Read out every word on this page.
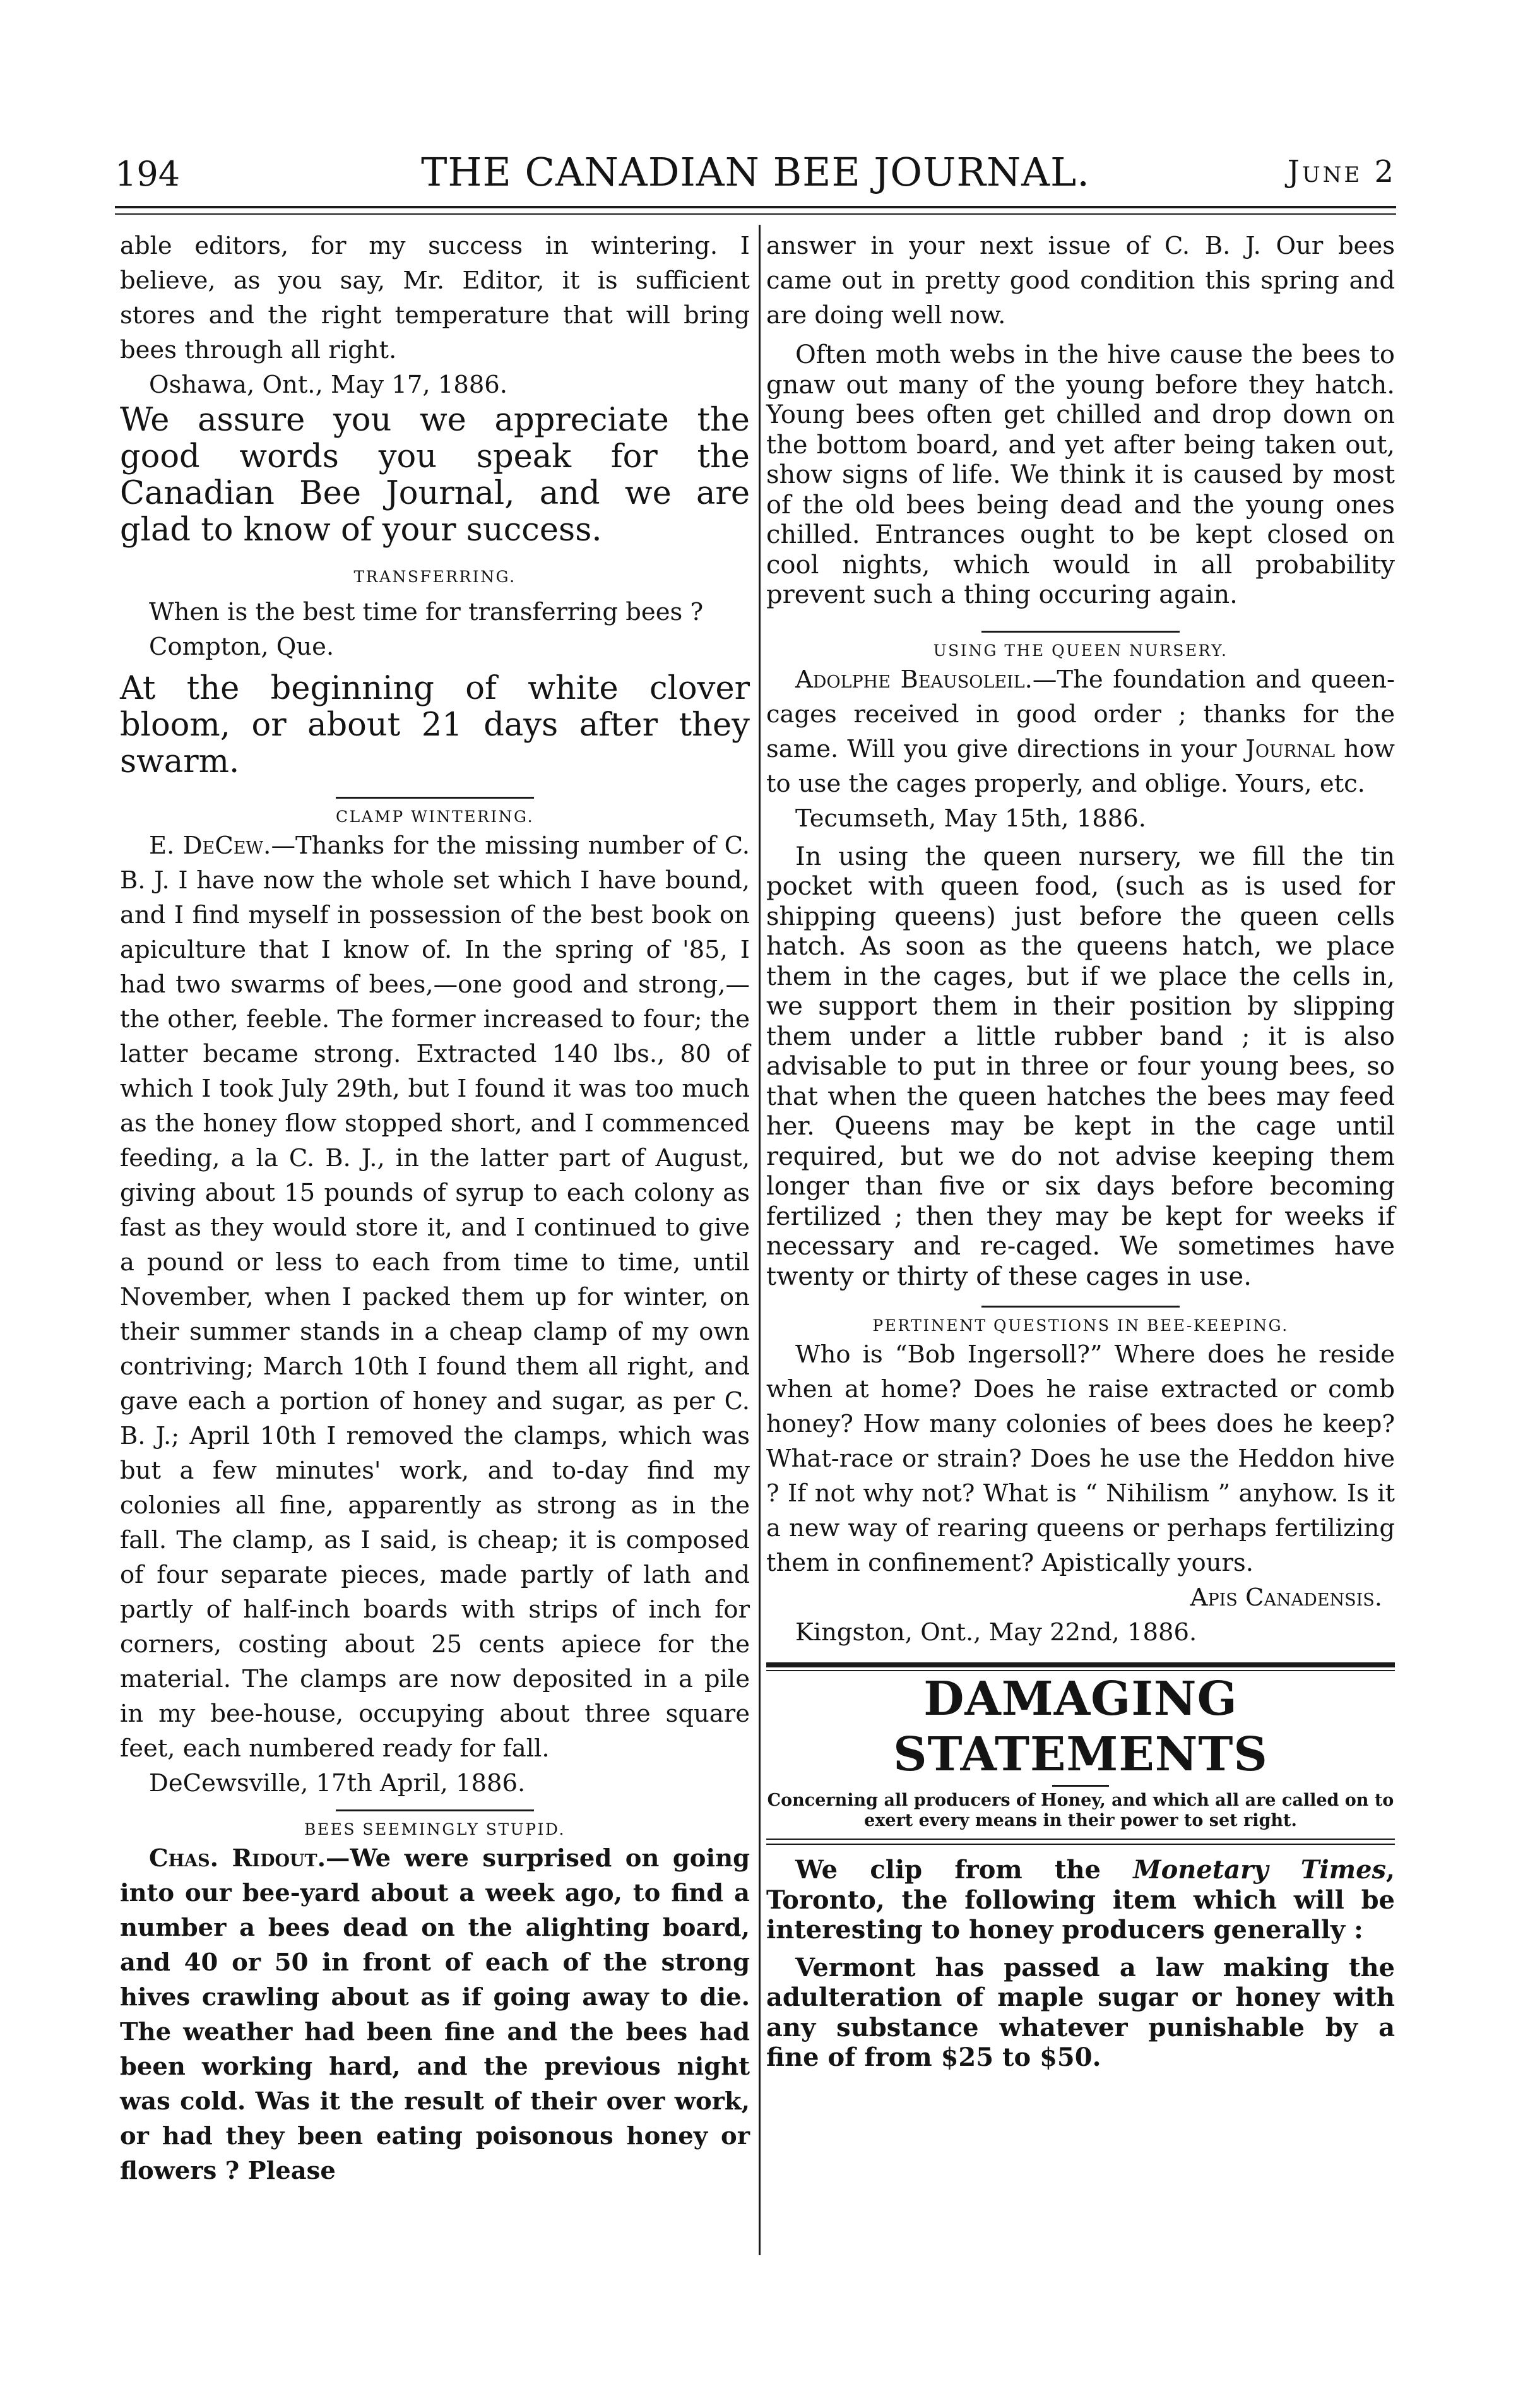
194	THE CANADIAN BEE JOURNAL.	June 2

able editors, for my success in wintering. I believe, as you say, Mr. Editor, it is sufficient stores and the right temperature that will bring bees through all right.

Oshawa, Ont., May 17, 1886.

We assure you we appreciate the good words you speak for the Canadian Bee Journal, and we are glad to know of your success.

TRANSFERRING.

When is the best time for transferring bees ?

Compton, Que.

At the beginning of white clover bloom, or about 21 days after they swarm.

CLAMP WINTERING.

E. DeCew.—Thanks for the missing number of C. B. J. I have now the whole set which I have bound, and I find myself in possession of the best book on apiculture that I know of. In the spring of '85, I had two swarms of bees,—one good and strong,—the other, feeble. The former increased to four; the latter became strong. Extracted 140 lbs., 80 of which I took July 29th, but I found it was too much as the honey flow stopped short, and I commenced feeding, a la C. B. J., in the latter part of August, giving about 15 pounds of syrup to each colony as fast as they would store it, and I continued to give a pound or less to each from time to time, until November, when I packed them up for winter, on their summer stands in a cheap clamp of my own contriving; March 10th I found them all right, and gave each a portion of honey and sugar, as per C. B. J.; April 10th I removed the clamps, which was but a few minutes' work, and to-day find my colonies all fine, apparently as strong as in the fall. The clamp, as I said, is cheap; it is composed of four separate pieces, made partly of lath and partly of half-inch boards with strips of inch for corners, costing about 25 cents apiece for the material. The clamps are now deposited in a pile in my bee-house, occupying about three square feet, each numbered ready for fall.

DeCewsville, 17th April, 1886.

BEES SEEMINGLY STUPID.

Chas. Ridout.—We were surprised on going into our bee-yard about a week ago, to find a number a bees dead on the alighting board, and 40 or 50 in front of each of the strong hives crawling about as if going away to die. The weather had been fine and the bees had been working hard, and the previous night was cold. Was it the result of their over work, or had they been eating poisonous honey or flowers ? Please

answer in your next issue of C. B. J. Our bees came out in pretty good condition this spring and are doing well now.

Often moth webs in the hive cause the bees to gnaw out many of the young before they hatch. Young bees often get chilled and drop down on the bottom board, and yet after being taken out, show signs of life. We think it is caused by most of the old bees being dead and the young ones chilled. Entrances ought to be kept closed on cool nights, which would in all probability prevent such a thing occuring again.

USING THE QUEEN NURSERY.

Adolphe Beausoleil.—The foundation and queen-cages received in good order ; thanks for the same. Will you give directions in your Journal how to use the cages properly, and oblige. Yours, etc.

Tecumseth, May 15th, 1886.

In using the queen nursery, we fill the tin pocket with queen food, (such as is used for shipping queens) just before the queen cells hatch. As soon as the queens hatch, we place them in the cages, but if we place the cells in, we support them in their position by slipping them under a little rubber band ; it is also advisable to put in three or four young bees, so that when the queen hatches the bees may feed her. Queens may be kept in the cage until required, but we do not advise keeping them longer than five or six days before becoming fertilized ; then they may be kept for weeks if necessary and re-caged. We sometimes have twenty or thirty of these cages in use.

PERTINENT QUESTIONS IN BEE-KEEPING.

Who is “Bob Ingersoll?” Where does he reside when at home? Does he raise extracted or comb honey? How many colonies of bees does he keep? What-race or strain? Does he use the Heddon hive ? If not why not? What is “ Nihilism ” anyhow. Is it a new way of rearing queens or perhaps fertilizing them in confinement? Apistically yours.

Apis Canadensis.

Kingston, Ont., May 22nd, 1886.

DAMAGING STATEMENTS

Concerning all producers of Honey, and which all are called on to exert every means in their power to set right.

We clip from the Monetary Times, Toronto, the following item which will be interesting to honey producers generally :

Vermont has passed a law making the adulteration of maple sugar or honey with any substance whatever punishable by a fine of from $25 to $50.
